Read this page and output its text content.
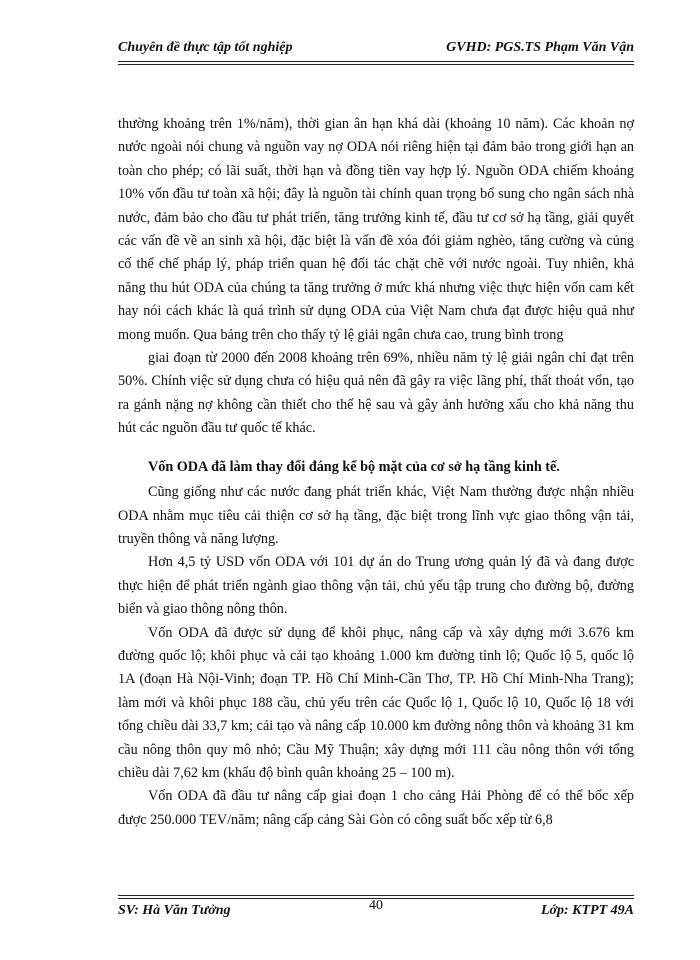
Chuyên đề thực tập tốt nghiệp	GVHD: PGS.TS Phạm Văn Vận

thường khoảng trên 1%/năm), thời gian ân hạn khá dài (khoảng 10 năm). Các khoản nợ nước ngoài nói chung và nguồn vay nợ ODA nói riêng hiện tại đảm bảo trong giới hạn an toàn cho phép; có lãi suất, thời hạn và đồng tiền vay hợp lý. Nguồn ODA chiếm khoảng 10% vốn đầu tư toàn xã hội; đây là nguồn tài chính quan trọng bổ sung cho ngân sách nhà nước, đảm bảo cho đầu tư phát triển, tăng trưởng kinh tế, đầu tư cơ sở hạ tầng, giải quyết các vấn đề về an sinh xã hội, đặc biệt là vấn đề xóa đói giảm nghèo, tăng cường và củng cố thể chế pháp lý, pháp triển quan hệ đối tác chặt chẽ với nước ngoài. Tuy nhiên, khả năng thu hút ODA của chúng ta tăng trưởng ở mức khá nhưng việc thực hiện vốn cam kết hay nói cách khác là quá trình sử dụng ODA của Việt Nam chưa đạt được hiệu quả như mong muốn. Qua bảng trên cho thấy tỷ lệ giải ngân chưa cao, trung bình trong

giai đoạn từ 2000 đến 2008 khoảng trên 69%, nhiều năm tỷ lệ giải ngân chỉ đạt trên 50%. Chính việc sử dụng chưa có hiệu quả nên đã gây ra việc lãng phí, thất thoát vốn, tạo ra gánh nặng nợ không cần thiết cho thế hệ sau và gây ảnh hưởng xấu cho khả năng thu hút các nguồn đầu tư quốc tế khác.

Vốn ODA đã làm thay đổi đáng kể bộ mặt của cơ sở hạ tầng kinh tế.

Cũng giống như các nước đang phát triển khác, Việt Nam thường được nhận nhiều ODA nhằm mục tiêu cải thiện cơ sở hạ tầng, đặc biệt trong lĩnh vực giao thông vận tải, truyền thông và năng lượng.

Hơn 4,5 tỷ USD vốn ODA với 101 dự án do Trung ương quản lý đã và đang được thực hiện để phát triển ngành giao thông vận tải, chủ yếu tập trung cho đường bộ, đường biển và giao thông nông thôn.

Vốn ODA đã được sử dụng để khôi phục, nâng cấp và xây dựng mới 3.676 km đường quốc lộ; khôi phục và cải tạo khoảng 1.000 km đường tỉnh lộ; Quốc lộ 5, quốc lộ 1A (đoạn Hà Nội-Vinh; đoạn TP. Hồ Chí Minh-Cần Thơ, TP. Hồ Chí Minh-Nha Trang); làm mới và khôi phục 188 cầu, chủ yếu trên các Quốc lộ 1, Quốc lộ 10, Quốc lộ 18 với tổng chiều dài 33,7 km; cải tạo và nâng cấp 10.000 km đường nông thôn và khoảng 31 km cầu nông thôn quy mô nhỏ; Cầu Mỹ Thuận; xây dựng mới 111 cầu nông thôn với tổng chiều dài 7,62 km (khẩu độ bình quân khoảng 25 – 100 m).

Vốn ODA đã đầu tư nâng cấp giai đoạn 1 cho cảng Hải Phòng để có thể bốc xếp được 250.000 TEV/năm; nâng cấp cảng Sài Gòn có công suất bốc xếp từ 6,8

SV: Hà Văn Tưởng	40	Lớp: KTPT 49A
